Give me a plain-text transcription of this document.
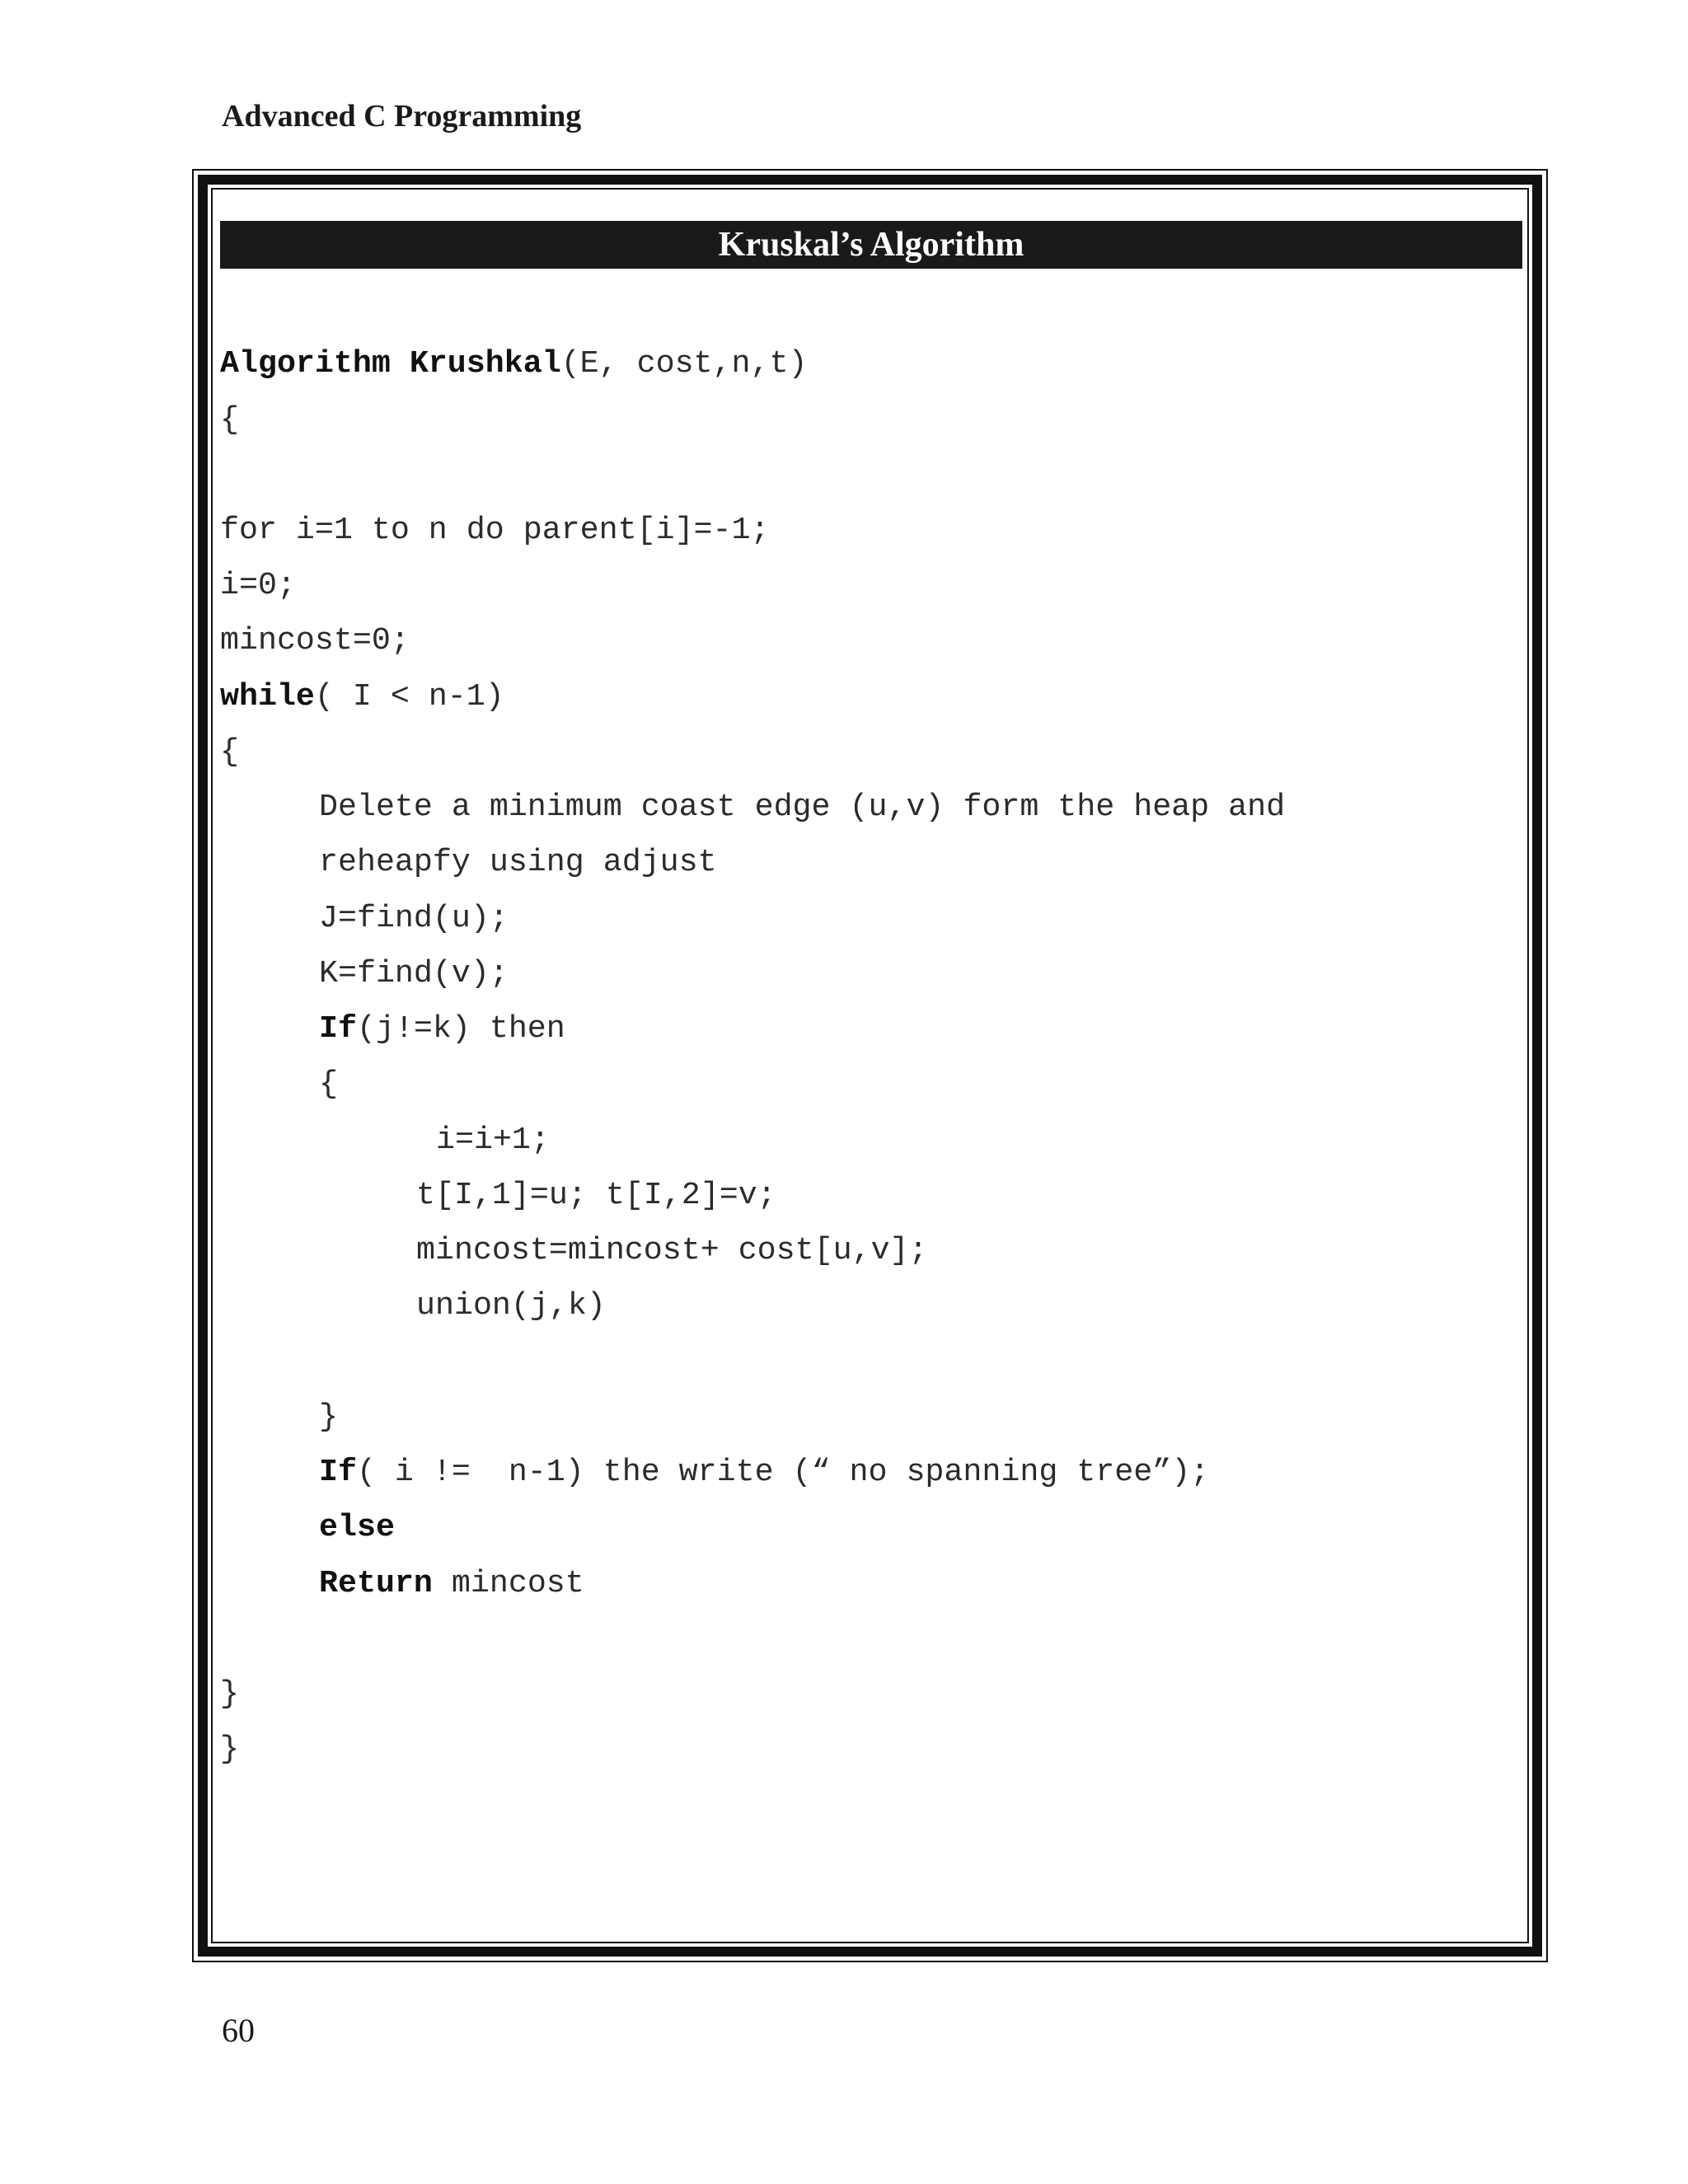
Advanced C Programming
Kruskal’s Algorithm
Algorithm Krushkal(E, cost,n,t)
{
for i=1 to n do parent[i]=-1;
i=0;
mincost=0;
while( I < n-1)
{
Delete a minimum coast edge (u,v) form the heap and
reheapfy using adjust
J=find(u);
K=find(v);
If(j!=k) then
{
i=i+1;
t[I,1]=u; t[I,2]=v;
mincost=mincost+ cost[u,v];
union(j,k)
}
If( i !=  n-1) the write (“ no spanning tree”);
else
Return mincost
}
}
60
